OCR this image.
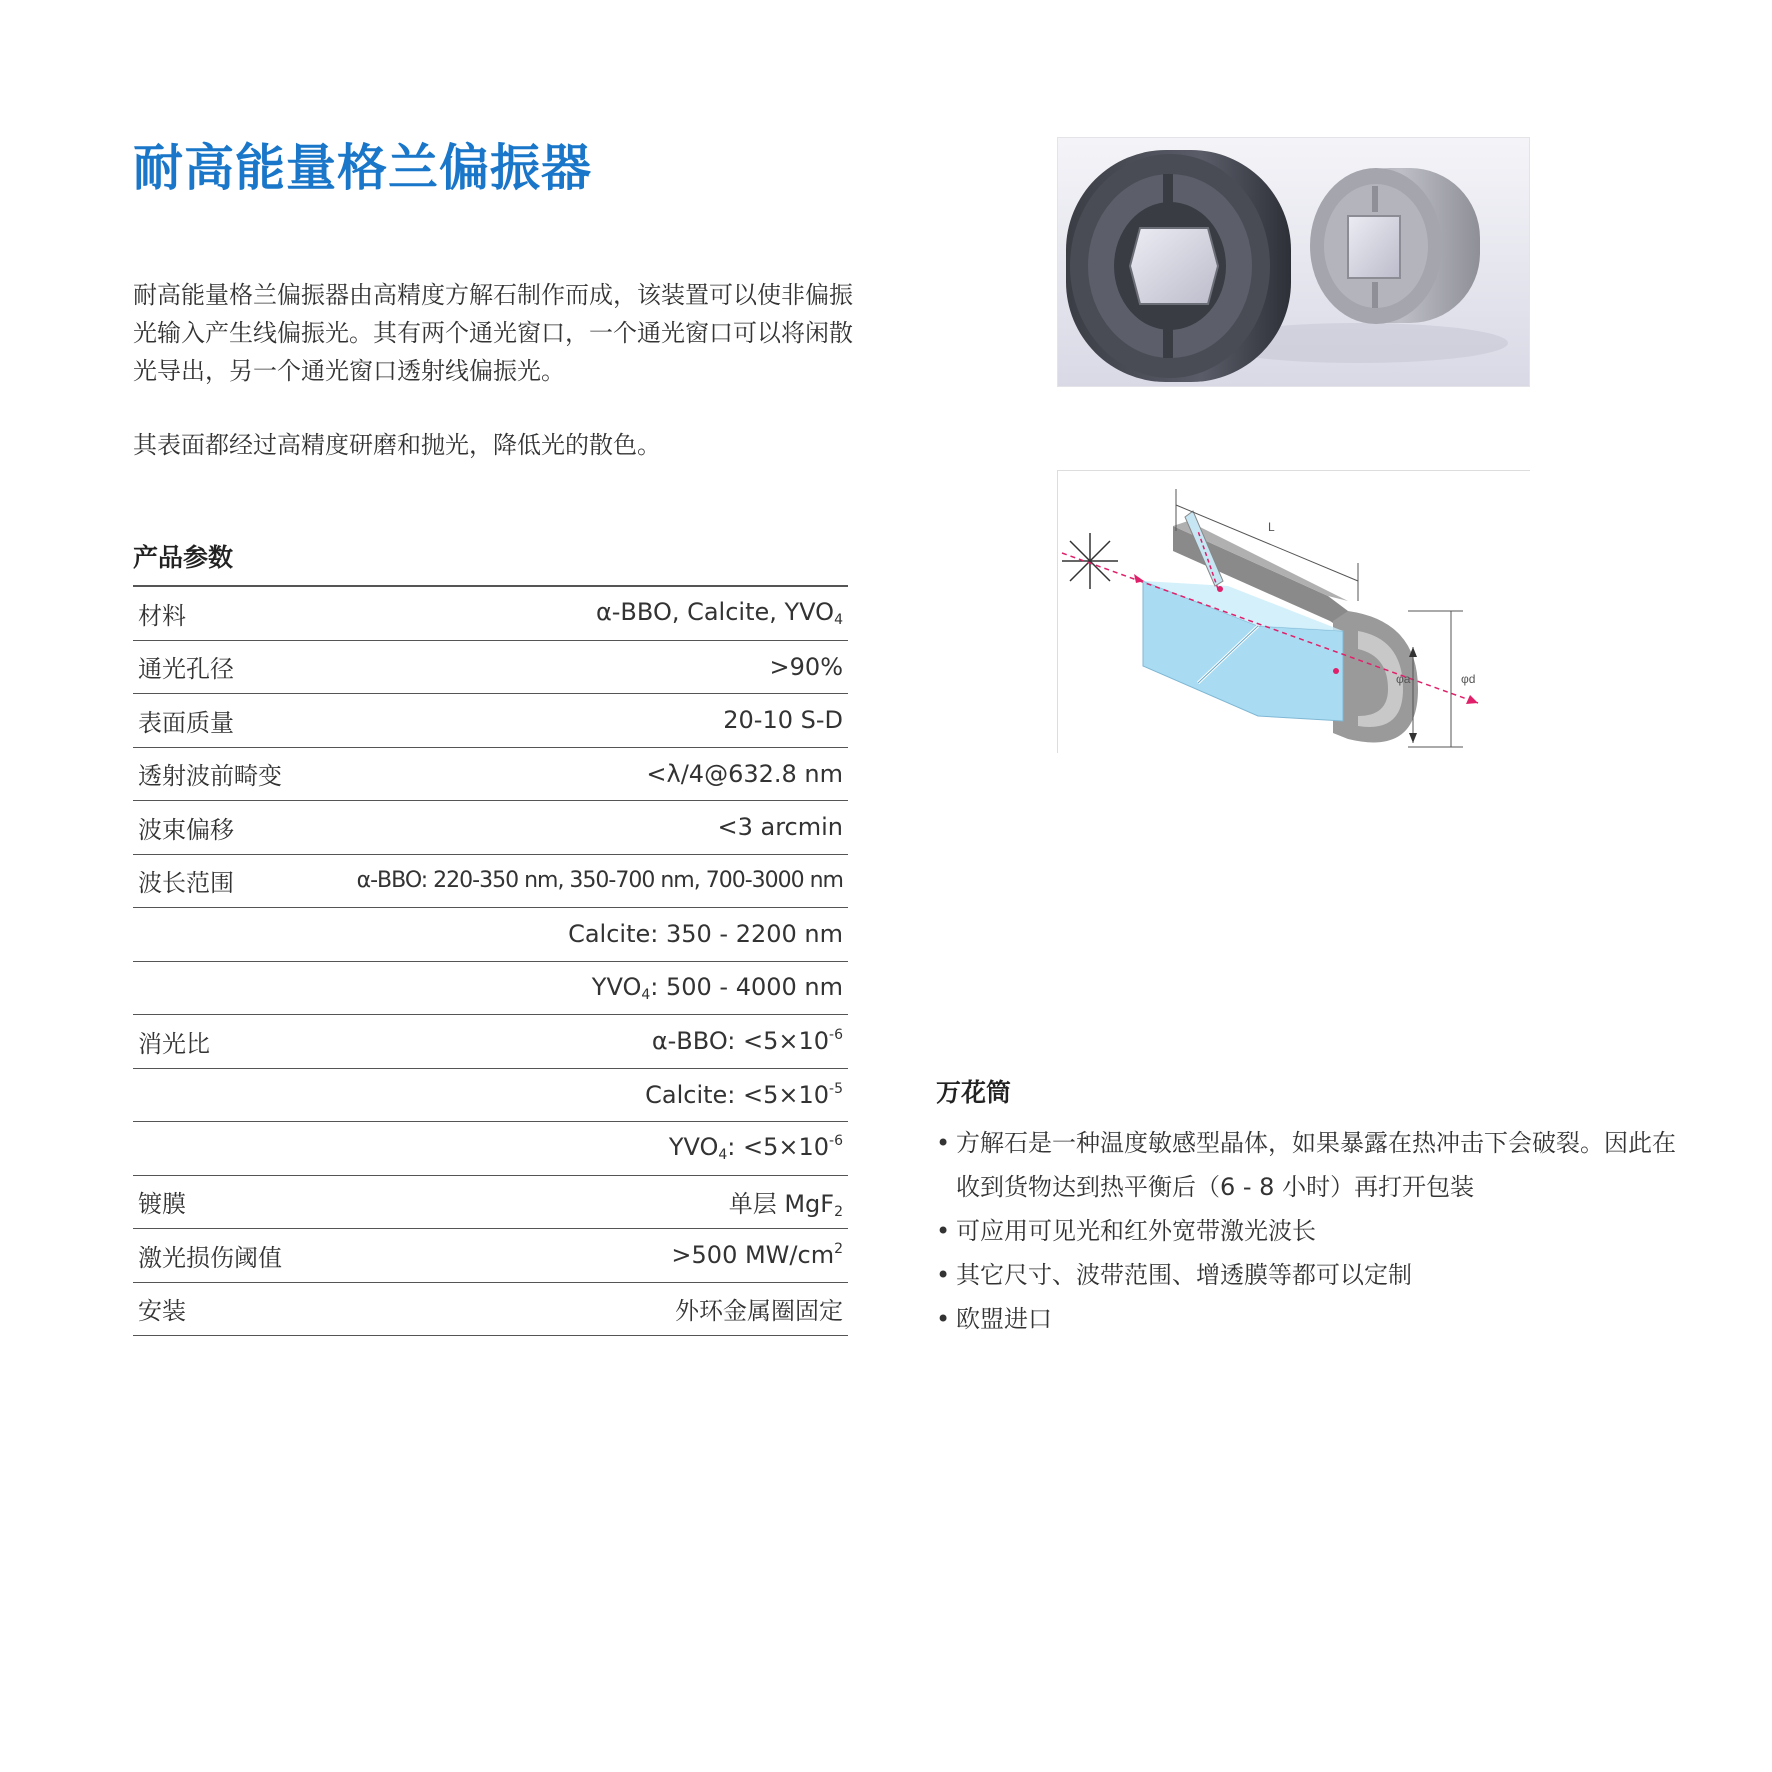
耐高能量格兰偏振器

耐高能量格兰偏振器由高精度方解石制作而成，该装置可以使非偏振光输入产生线偏振光。其有两个通光窗口，一个通光窗口可以将闲散光导出，另一个通光窗口透射线偏振光。

其表面都经过高精度研磨和抛光，降低光的散色。

产品参数
材料	α-BBO, Calcite, $YVO_4$
通光孔径	>90%
表面质量	20-10 S-D
透射波前畸变	<λ/4@632.8 nm
波束偏移	<3 arcmin
波长范围	α-BBO: 220-350 nm, 350-700 nm, 700-3000 nm
Calcite: 350 - 2200 nm
$YVO_4$: 500 - 4000 nm
消光比	α-BBO: $<5\times 10^{-6}$
Calcite: $<5\times 10^{-5}$
$YVO_4$: $<5\times 10^{-6}$
镀膜	单层 MgF$_2$
激光损伤阈值	>500 $MW/cm^2$
安装	外环金属圈固定
L
φa	φd
万花筒
• 方解石是一种温度敏感型晶体，如果暴露在热冲击下会破裂。因此在收到货物达到热平衡后（6 - 8 小时）再打开包装
• 可应用可见光和红外宽带激光波长
• 其它尺寸、波带范围、增透膜等都可以定制
• 欧盟进口
